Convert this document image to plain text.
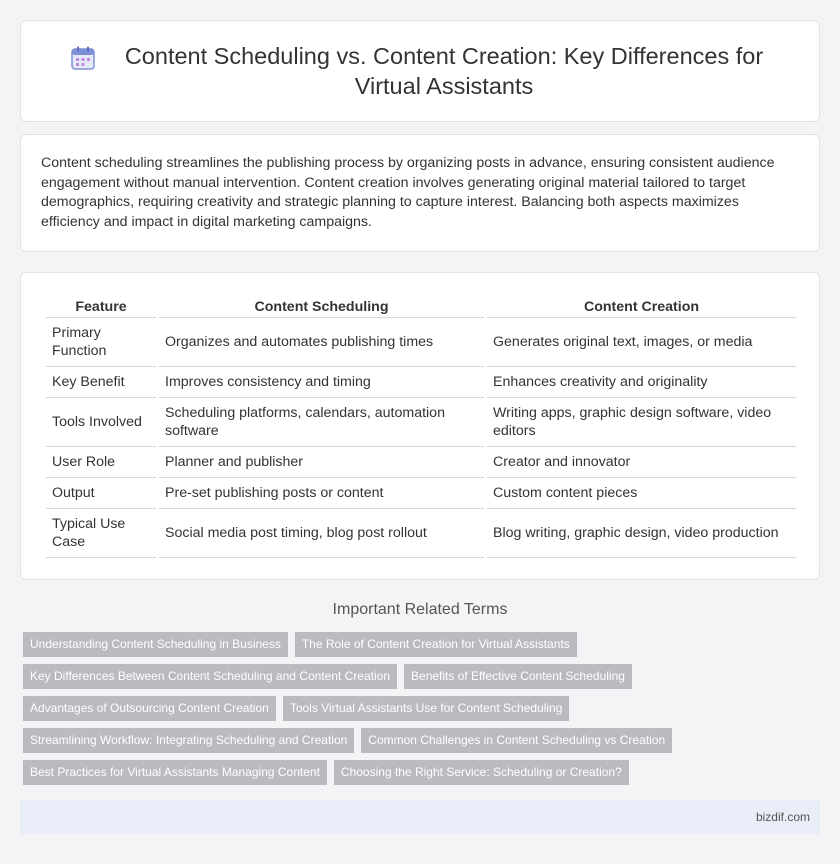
Content Scheduling vs. Content Creation: Key Differences for Virtual Assistants

Content scheduling streamlines the publishing process by organizing posts in advance, ensuring consistent audience engagement without manual intervention. Content creation involves generating original material tailored to target demographics, requiring creativity and strategic planning to capture interest. Balancing both aspects maximizes efficiency and impact in digital marketing campaigns.

Feature	Content Scheduling	Content Creation
Primary Function	Organizes and automates publishing times	Generates original text, images, or media
Key Benefit	Improves consistency and timing	Enhances creativity and originality
Tools Involved	Scheduling platforms, calendars, automation software	Writing apps, graphic design software, video editors
User Role	Planner and publisher	Creator and innovator
Output	Pre-set publishing posts or content	Custom content pieces
Typical Use Case	Social media post timing, blog post rollout	Blog writing, graphic design, video production
Important Related Terms
Understanding Content Scheduling in Business	The Role of Content Creation for Virtual Assistants
Key Differences Between Content Scheduling and Content Creation	Benefits of Effective Content Scheduling
Advantages of Outsourcing Content Creation	Tools Virtual Assistants Use for Content Scheduling
Streamlining Workflow: Integrating Scheduling and Creation	Common Challenges in Content Scheduling vs Creation
Best Practices for Virtual Assistants Managing Content	Choosing the Right Service: Scheduling or Creation?
bizdif.com
